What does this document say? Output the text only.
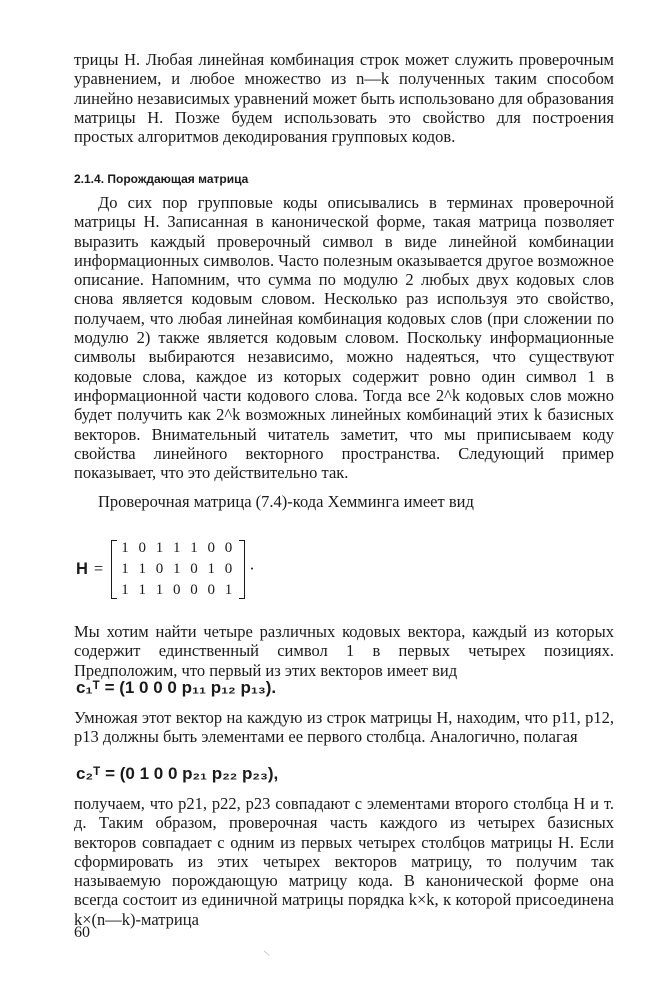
трицы H. Любая линейная комбинация строк может служить проверочным уравнением, и любое множество из n—k полученных таким способом линейно независимых уравнений может быть использовано для образования матрицы H. Позже будем использовать это свойство для построения простых алгоритмов декодирования групповых кодов.

2.1.4. Порождающая матрица

До сих пор групповые коды описывались в терминах проверочной матрицы H. Записанная в канонической форме, такая матрица позволяет выразить каждый проверочный символ в виде линейной комбинации информационных символов. Часто полезным оказывается другое возможное описание. Напомним, что сумма по модулю 2 любых двух кодовых слов снова является кодовым словом. Несколько раз используя это свойство, получаем, что любая линейная комбинация кодовых слов (при сложении по модулю 2) также является кодовым словом. Поскольку информационные символы выбираются независимо, можно надеяться, что существуют кодовые слова, каждое из которых содержит ровно один символ 1 в информационной части кодового слова. Тогда все 2^k кодовых слов можно будет получить как 2^k возможных линейных комбинаций этих k базисных векторов. Внимательный читатель заметит, что мы приписываем коду свойства линейного векторного пространства. Следующий пример показывает, что это действительно так.

Проверочная матрица (7.4)-кода Хемминга имеет вид

H =
1 0 1 1 1 0 0
1 1 0 1 0 1 0
1 1 1 0 0 0 1
·

Мы хотим найти четыре различных кодовых вектора, каждый из которых содержит единственный символ 1 в первых четырех позициях. Предположим, что первый из этих векторов имеет вид

c₁ᵀ = (1 0 0 0 p₁₁ p₁₂ p₁₃).

Умножая этот вектор на каждую из строк матрицы H, находим, что p11, p12, p13 должны быть элементами ее первого столбца. Аналогично, полагая

c₂ᵀ = (0 1 0 0 p₂₁ p₂₂ p₂₃),

получаем, что p21, p22, p23 совпадают с элементами второго столбца H и т. д. Таким образом, проверочная часть каждого из четырех базисных векторов совпадает с одним из первых четырех столбцов матрицы H. Если сформировать из этих четырех векторов матрицу, то получим так называемую порождающую матрицу кода. В канонической форме она всегда состоит из единичной матрицы порядка k×k, к которой присоединена k×(n—k)-матрица

60
/
